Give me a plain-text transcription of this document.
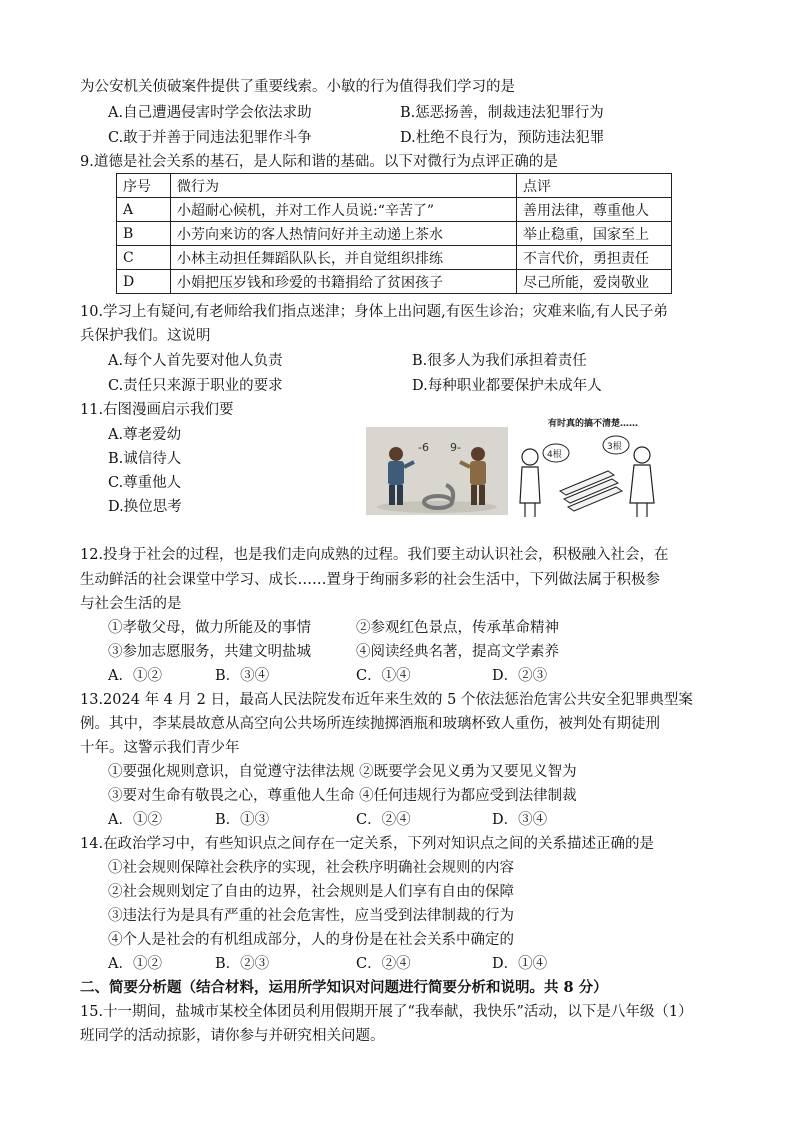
为公安机关侦破案件提供了重要线索。小敏的行为值得我们学习的是
A.自己遭遇侵害时学会依法求助	B.惩恶扬善，制裁违法犯罪行为
C.敢于并善于同违法犯罪作斗争	D.杜绝不良行为，预防违法犯罪
9.道德是社会关系的基石，是人际和谐的基础。以下对微行为点评正确的是
序号	微行为	点评
A	小超耐心候机，并对工作人员说:“辛苦了”	善用法律，尊重他人
B	小芳向来访的客人热情问好并主动递上茶水	举止稳重，国家至上
C	小林主动担任舞蹈队队长，并自觉组织排练	不言代价，勇担责任
D	小娟把压岁钱和珍爱的书籍捐给了贫困孩子	尽己所能，爱岗敬业
10.学习上有疑问,有老师给我们指点迷津；身体上出问题,有医生诊治；灾难来临,有人民子弟
兵保护我们。这说明
A.每个人首先要对他人负责	B.很多人为我们承担着责任
C.责任只来源于职业的要求	D.每种职业都要保护未成年人
11.右图漫画启示我们要
A.尊老爱幼
B.诚信待人
C.尊重他人
D.换位思考
-6 9-
有时真的搞不清楚……
4根
3根
12.投身于社会的过程，也是我们走向成熟的过程。我们要主动认识社会，积极融入社会，在
生动鲜活的社会课堂中学习、成长……置身于绚丽多彩的社会生活中，下列做法属于积极参
与社会生活的是
①孝敬父母，做力所能及的事情	②参观红色景点，传承革命精神
③参加志愿服务，共建文明盐城	④阅读经典名著，提高文学素养
A．①②	B．③④	C．①④	D．②③
13.2024 年 4 月 2 日，最高人民法院发布近年来生效的 5 个依法惩治危害公共安全犯罪典型案
例。其中，李某晨故意从高空向公共场所连续抛掷酒瓶和玻璃杯致人重伤，被判处有期徒刑
十年。这警示我们青少年
①要强化规则意识，自觉遵守法律法规 ②既要学会见义勇为又要见义智为
③要对生命有敬畏之心，尊重他人生命 ④任何违规行为都应受到法律制裁
A．①②	B．①③	C．②④	D．③④
14.在政治学习中，有些知识点之间存在一定关系，下列对知识点之间的关系描述正确的是
①社会规则保障社会秩序的实现，社会秩序明确社会规则的内容
②社会规则划定了自由的边界，社会规则是人们享有自由的保障
③违法行为是具有严重的社会危害性，应当受到法律制裁的行为
④个人是社会的有机组成部分，人的身份是在社会关系中确定的
A．①②	B．②③	C．②④	D．①④
二、简要分析题（结合材料，运用所学知识对问题进行简要分析和说明。共 8 分）
15.十一期间，盐城市某校全体团员利用假期开展了“我奉献，我快乐”活动，以下是八年级（1）
班同学的活动掠影，请你参与并研究相关问题。
